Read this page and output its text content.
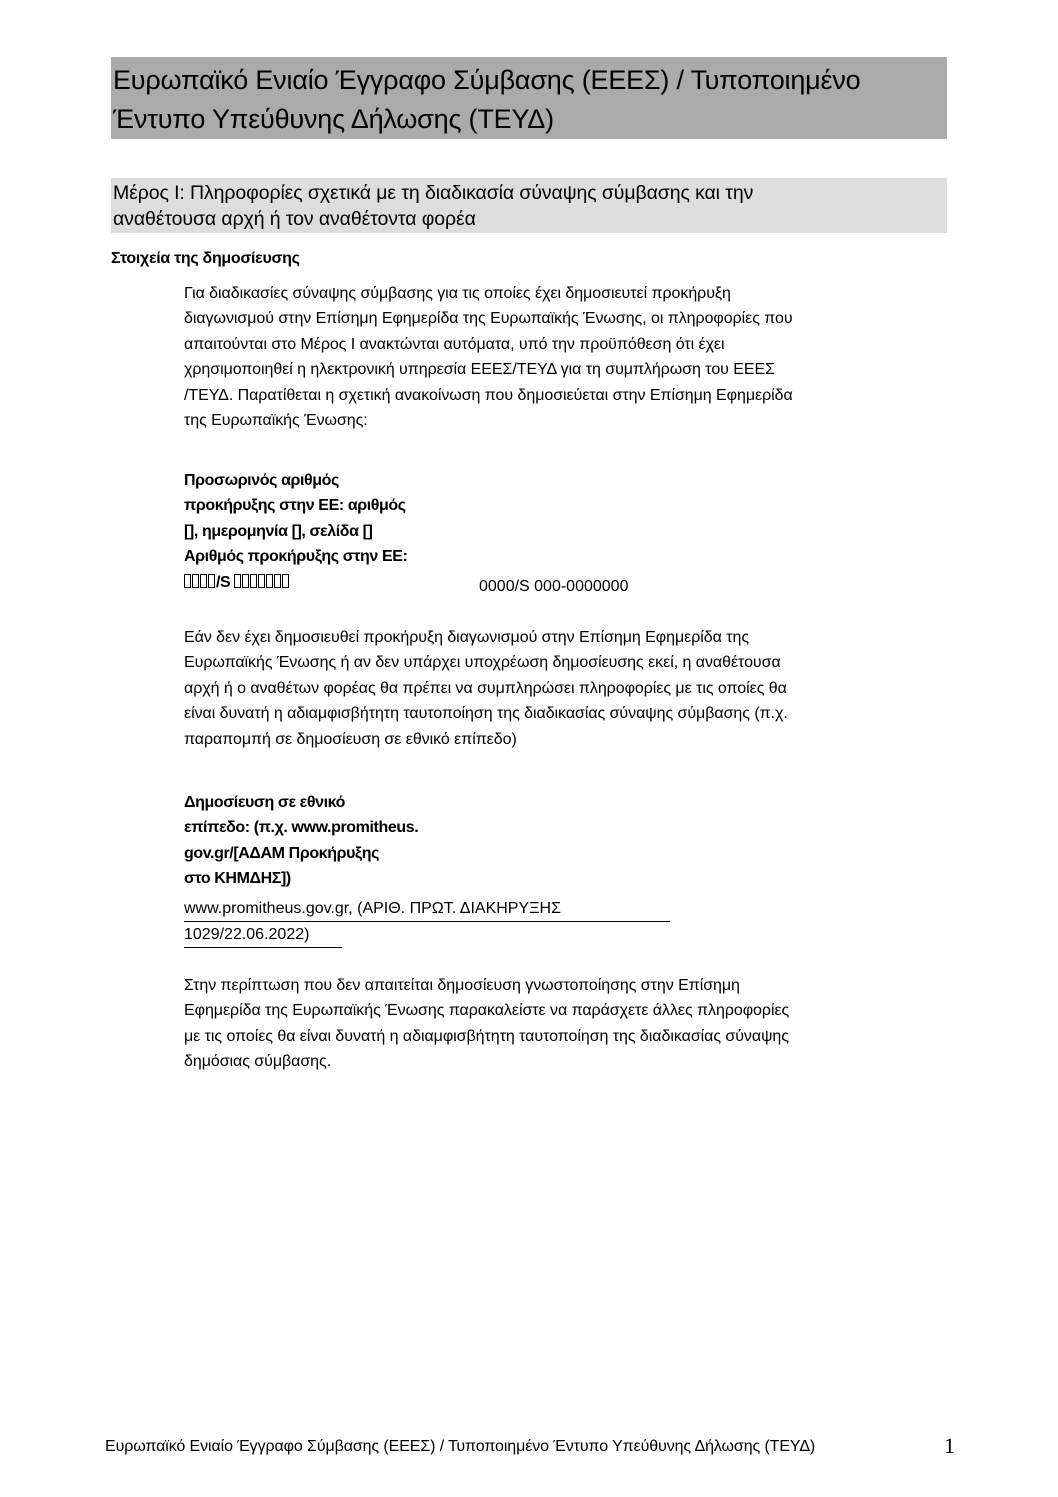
Ευρωπαϊκό Ενιαίο Έγγραφο Σύμβασης (ΕΕΕΣ) / Τυποποιημένο
Έντυπο Υπεύθυνης Δήλωσης (ΤΕΥΔ)
Μέρος I: Πληροφορίες σχετικά με τη διαδικασία σύναψης σύμβασης και την
αναθέτουσα αρχή ή τον αναθέτοντα φορέα
Στοιχεία της δημοσίευσης
Για διαδικασίες σύναψης σύμβασης για τις οποίες έχει δημοσιευτεί προκήρυξη
διαγωνισμού στην Επίσημη Εφημερίδα της Ευρωπαϊκής Ένωσης, οι πληροφορίες που
απαιτούνται στο Μέρος I ανακτώνται αυτόματα, υπό την προϋπόθεση ότι έχει
χρησιμοποιηθεί η ηλεκτρονική υπηρεσία ΕΕΕΣ/ΤΕΥΔ για τη συμπλήρωση του ΕΕΕΣ
/ΤΕΥΔ. Παρατίθεται η σχετική ανακοίνωση που δημοσιεύεται στην Επίσημη Εφημερίδα
της Ευρωπαϊκής Ένωσης:
Προσωρινός αριθμός
προκήρυξης στην ΕΕ: αριθμός
[], ημερομηνία [], σελίδα []
Αριθμός προκήρυξης στην ΕΕ:
/S	0000/S 000-0000000
Εάν δεν έχει δημοσιευθεί προκήρυξη διαγωνισμού στην Επίσημη Εφημερίδα της
Ευρωπαϊκής Ένωσης ή αν δεν υπάρχει υποχρέωση δημοσίευσης εκεί, η αναθέτουσα
αρχή ή ο αναθέτων φορέας θα πρέπει να συμπληρώσει πληροφορίες με τις οποίες θα
είναι δυνατή η αδιαμφισβήτητη ταυτοποίηση της διαδικασίας σύναψης σύμβασης (π.χ.
παραπομπή σε δημοσίευση σε εθνικό επίπεδο)
Δημοσίευση σε εθνικό
επίπεδο: (π.χ. www.promitheus.
gov.gr/[ΑΔΑΜ Προκήρυξης
στο ΚΗΜΔΗΣ])
www.promitheus.gov.gr, (ΑΡΙΘ. ΠΡΩΤ. ΔΙΑΚΗΡΥΞΗΣ
1029/22.06.2022)
Στην περίπτωση που δεν απαιτείται δημοσίευση γνωστοποίησης στην Επίσημη
Εφημερίδα της Ευρωπαϊκής Ένωσης παρακαλείστε να παράσχετε άλλες πληροφορίες
με τις οποίες θα είναι δυνατή η αδιαμφισβήτητη ταυτοποίηση της διαδικασίας σύναψης
δημόσιας σύμβασης.
Ευρωπαϊκό Ενιαίο Έγγραφο Σύμβασης (ΕΕΕΣ) / Τυποποιημένο Έντυπο Υπεύθυνης Δήλωσης (ΤΕΥΔ)	1
